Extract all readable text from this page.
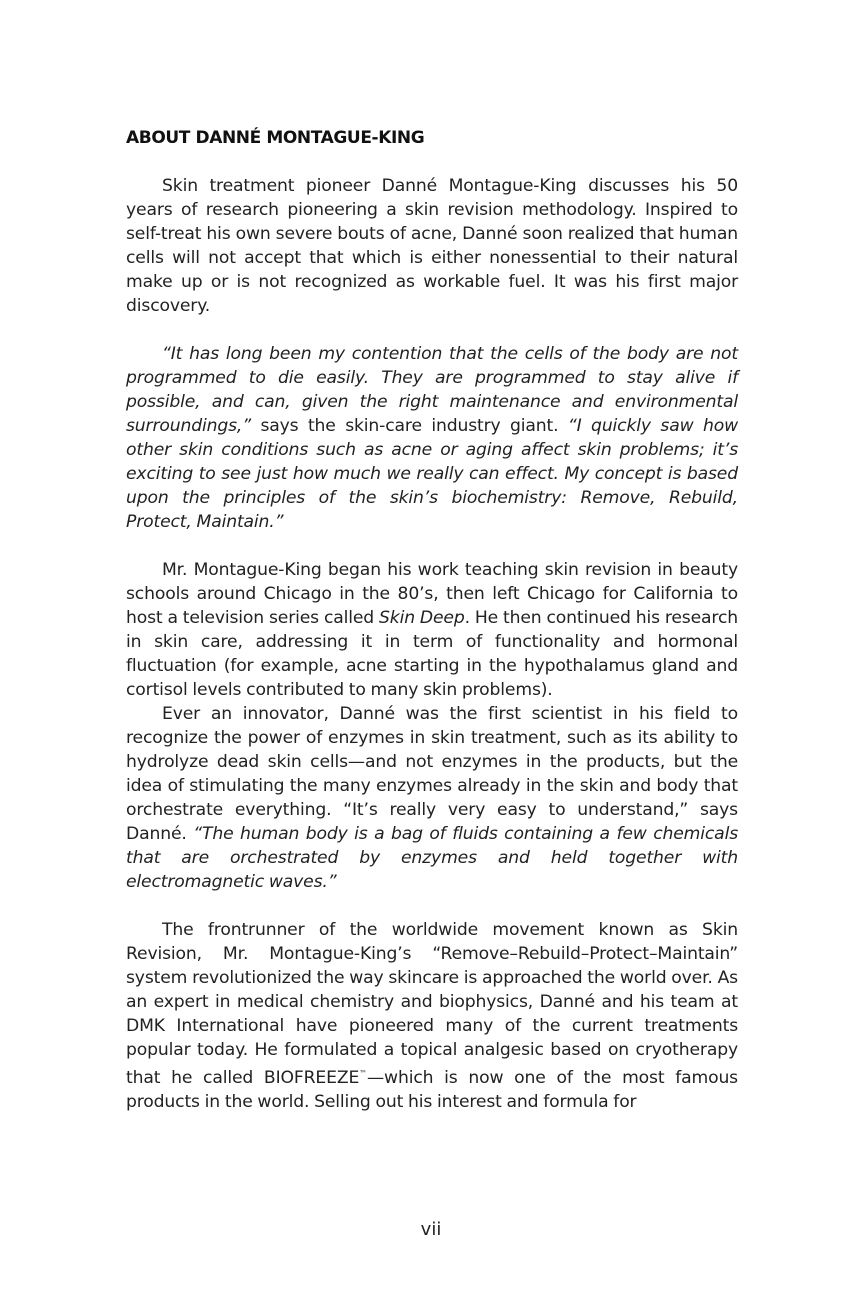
ABOUT DANNÉ MONTAGUE-KING

Skin treatment pioneer Danné Montague-King discusses his 50 years of research pioneering a skin revision methodology. Inspired to self-treat his own severe bouts of acne, Danné soon realized that human cells will not accept that which is either nonessential to their natural make up or is not recognized as workable fuel. It was his first major discovery.

“It has long been my contention that the cells of the body are not programmed to die easily. They are programmed to stay alive if possible, and can, given the right maintenance and environmental surroundings,” says the skin-care industry giant. “I quickly saw how other skin conditions such as acne or aging affect skin problems; it’s exciting to see just how much we really can effect. My concept is based upon the principles of the skin’s biochemistry: Remove, Rebuild, Protect, Maintain.”

Mr. Montague-King began his work teaching skin revision in beauty schools around Chicago in the 80’s, then left Chicago for California to host a television series called Skin Deep. He then continued his research in skin care, addressing it in term of functionality and hormonal fluctuation (for example, acne starting in the hypothalamus gland and cortisol levels contributed to many skin problems).

Ever an innovator, Danné was the first scientist in his field to recognize the power of enzymes in skin treatment, such as its ability to hydrolyze dead skin cells—and not enzymes in the products, but the idea of stimulating the many enzymes already in the skin and body that orchestrate everything. “It’s really very easy to understand,” says Danné. “The human body is a bag of fluids containing a few chemicals that are orchestrated by enzymes and held together with electromagnetic waves.”

The frontrunner of the worldwide movement known as Skin Revision, Mr. Montague-King’s “Remove–Rebuild–Protect–Maintain” system revolutionized the way skincare is approached the world over. As an expert in medical chemistry and biophysics, Danné and his team at DMK International have pioneered many of the current treatments popular today. He formulated a topical analgesic based on cryotherapy that he called BIOFREEZE™—which is now one of the most famous products in the world. Selling out his interest and formula for

vii
